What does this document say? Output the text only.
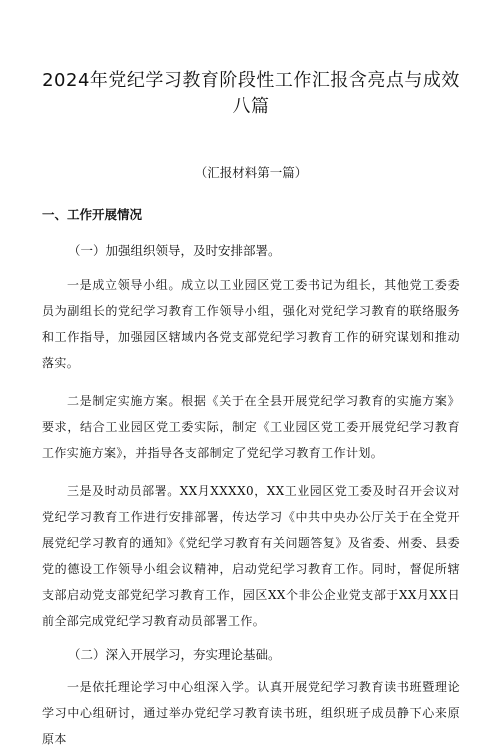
2024年党纪学习教育阶段性工作汇报含亮点与成效
八篇
（汇报材料第一篇）
一、工作开展情况
（一）加强组织领导，及时安排部署。

一是成立领导小组。成立以工业园区党工委书记为组长，其他党工委委员为副组长的党纪学习教育工作领导小组，强化对党纪学习教育的联络服务和工作指导，加强园区辖域内各党支部党纪学习教育工作的研究谋划和推动落实。

二是制定实施方案。根据《关于在全县开展党纪学习教育的实施方案》要求，结合工业园区党工委实际，制定《工业园区党工委开展党纪学习教育工作实施方案》，并指导各支部制定了党纪学习教育工作计划。

三是及时动员部署。XX月XXXX0，XX工业园区党工委及时召开会议对党纪学习教育工作进行安排部署，传达学习《中共中央办公厅关于在全党开展党纪学习教育的通知》《党纪学习教育有关问题答复》及省委、州委、县委党的德设工作领导小组会议精神，启动党纪学习教育工作。同时，督促所辖支部启动党支部党纪学习教育工作，园区XX个非公企业党支部于XX月XX日前全部完成党纪学习教育动员部署工作。

（二）深入开展学习，夯实理论基础。

一是依托理论学习中心组深入学。认真开展党纪学习教育读书班暨理论学习中心组研讨，通过举办党纪学习教育读书班，组织班子成员静下心来原原本
